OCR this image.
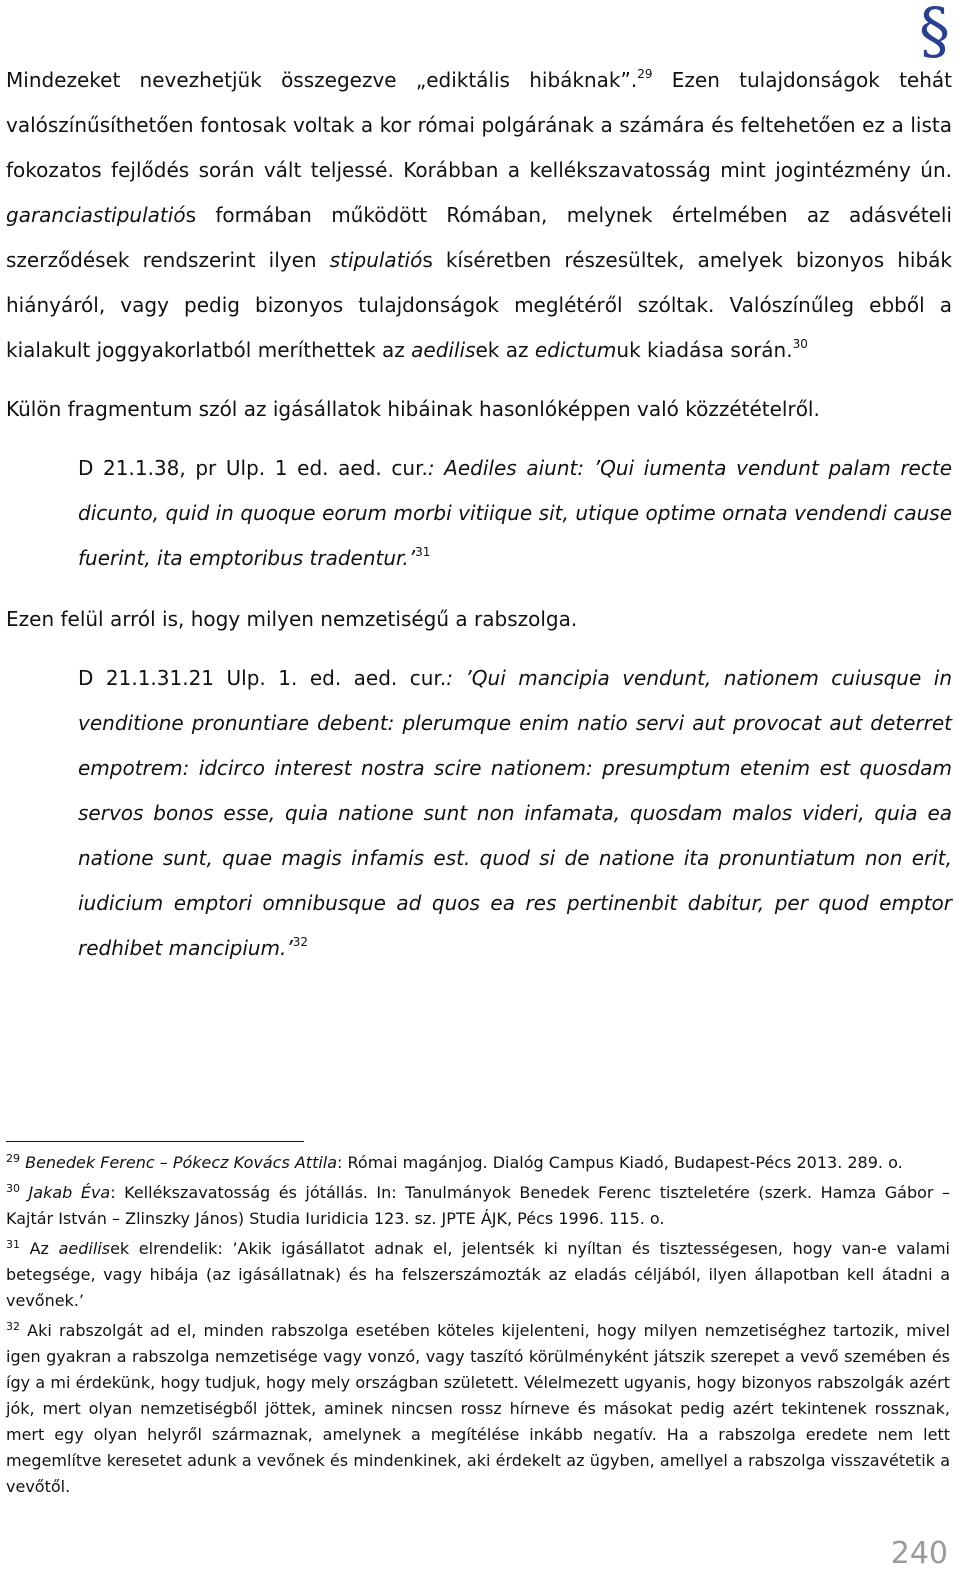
§

Mindezeket nevezhetjük összegezve „ediktális hibáknak”.$^{29}$ Ezen tulajdonságok tehát valószínűsíthetően fontosak voltak a kor római polgárának a számára és feltehetően ez a lista fokozatos fejlődés során vált teljessé. Korábban a kellékszavatosság mint jogintézmény ún. garanciastipulatiós formában működött Rómában, melynek értelmében az adásvételi szerződések rendszerint ilyen stipulatiós kíséretben részesültek, amelyek bizonyos hibák hiányáról, vagy pedig bizonyos tulajdonságok meglétéről szóltak. Valószínűleg ebből a kialakult joggyakorlatból meríthettek az aedilisek az edictumuk kiadása során.$^{30}$

Külön fragmentum szól az igásállatok hibáinak hasonlóképpen való közzétételről.

D 21.1.38, pr Ulp. 1 ed. aed. cur.: Aediles aiunt: ’Qui iumenta vendunt palam recte dicunto, quid in quoque eorum morbi vitiique sit, utique optime ornata vendendi cause fuerint, ita emptoribus tradentur.’$^{31}$

Ezen felül arról is, hogy milyen nemzetiségű a rabszolga.

D 21.1.31.21 Ulp. 1. ed. aed. cur.: ’Qui mancipia vendunt, nationem cuiusque in venditione pronuntiare debent: plerumque enim natio servi aut provocat aut deterret empotrem: idcirco interest nostra scire nationem: presumptum etenim est quosdam servos bonos esse, quia natione sunt non infamata, quosdam malos videri, quia ea natione sunt, quae magis infamis est. quod si de natione ita pronuntiatum non erit, iudicium emptori omnibusque ad quos ea res pertinenbit dabitur, per quod emptor redhibet mancipium.’$^{32}$

$^{29}$ Benedek Ferenc – Pókecz Kovács Attila: Római magánjog. Dialóg Campus Kiadó, Budapest-Pécs 2013. 289. o.

$^{30}$ Jakab Éva: Kellékszavatosság és jótállás. In: Tanulmányok Benedek Ferenc tiszteletére (szerk. Hamza Gábor – Kajtár István – Zlinszky János) Studia Iuridicia 123. sz. JPTE ÁJK, Pécs 1996. 115. o.

$^{31}$ Az aedilisek elrendelik: ’Akik igásállatot adnak el, jelentsék ki nyíltan és tisztességesen, hogy van-e valami betegsége, vagy hibája (az igásállatnak) és ha felszerszámozták az eladás céljából, ilyen állapotban kell átadni a vevőnek.’

$^{32}$ Aki rabszolgát ad el, minden rabszolga esetében köteles kijelenteni, hogy milyen nemzetiséghez tartozik, mivel igen gyakran a rabszolga nemzetisége vagy vonzó, vagy taszító körülményként játszik szerepet a vevő szemében és így a mi érdekünk, hogy tudjuk, hogy mely országban született. Vélelmezett ugyanis, hogy bizonyos rabszolgák azért jók, mert olyan nemzetiségből jöttek, aminek nincsen rossz hírneve és másokat pedig azért tekintenek rossznak, mert egy olyan helyről származnak, amelynek a megítélése inkább negatív. Ha a rabszolga eredete nem lett megemlítve keresetet adunk a vevőnek és mindenkinek, aki érdekelt az ügyben, amellyel a rabszolga visszavétetik a vevőtől.

240
